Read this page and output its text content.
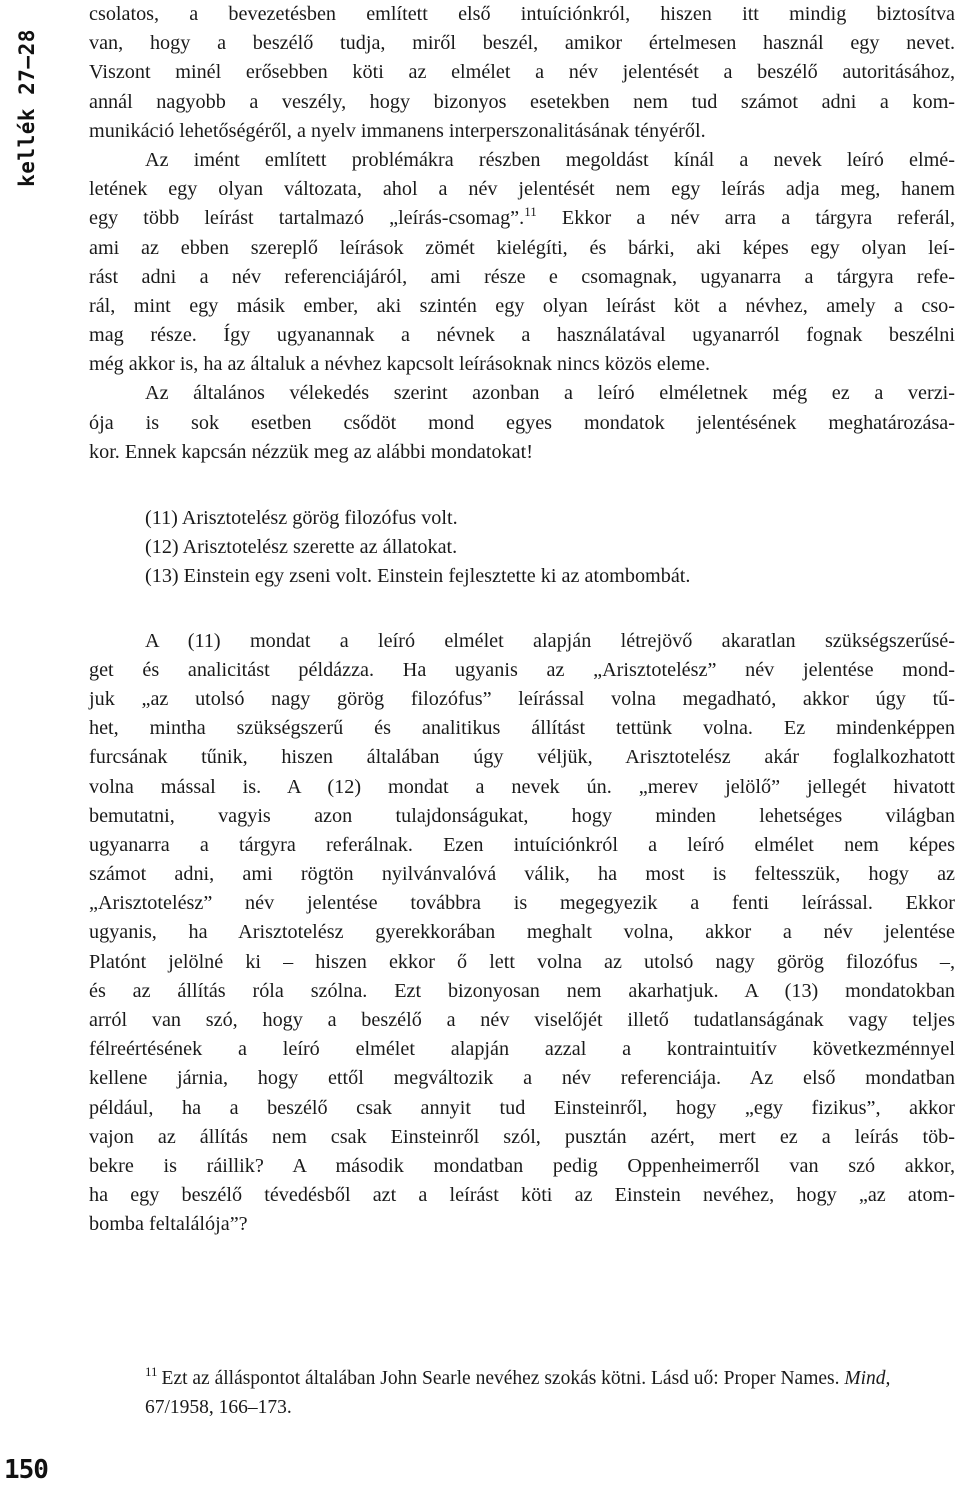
kellék 27–28
csolatos, a bevezetésben említett első intuíciónkról, hiszen itt mindig biztosítva
van, hogy a beszélő tudja, miről beszél, amikor értelmesen használ egy nevet.
Viszont minél erősebben köti az elmélet a név jelentését a beszélő autoritásához,
annál nagyobb a veszély, hogy bizonyos esetekben nem tud számot adni a kom-
munikáció lehetőségéről, a nyelv immanens interperszonalitásának tényéről.
Az imént említett problémákra részben megoldást kínál a nevek leíró elmé-
letének egy olyan változata, ahol a név jelentését nem egy leírás adja meg, hanem
egy több leírást tartalmazó „leírás-csomag”.$^{11}$ Ekkor a név arra a tárgyra referál,
ami az ebben szereplő leírások zömét kielégíti, és bárki, aki képes egy olyan leí-
rást adni a név referenciájáról, ami része e csomagnak, ugyanarra a tárgyra refe-
rál, mint egy másik ember, aki szintén egy olyan leírást köt a névhez, amely a cso-
mag része. Így ugyanannak a névnek a használatával ugyanarról fognak beszélni
még akkor is, ha az általuk a névhez kapcsolt leírásoknak nincs közös eleme.
Az általános vélekedés szerint azonban a leíró elméletnek még ez a verzi-
ója is sok esetben csődöt mond egyes mondatok jelentésének meghatározása-
kor. Ennek kapcsán nézzük meg az alábbi mondatokat!
(11) Arisztotelész görög filozófus volt.
(12) Arisztotelész szerette az állatokat.
(13) Einstein egy zseni volt. Einstein fejlesztette ki az atombombát.
A (11) mondat a leíró elmélet alapján létrejövő akaratlan szükségszerűsé-
get és analicitást példázza. Ha ugyanis az „Arisztotelész” név jelentése mond-
juk „az utolsó nagy görög filozófus” leírással volna megadható, akkor úgy tű-
het, mintha szükségszerű és analitikus állítást tettünk volna. Ez mindenképpen
furcsának tűnik, hiszen általában úgy véljük, Arisztotelész akár foglalkozhatott
volna mással is. A (12) mondat a nevek ún. „merev jelölő” jellegét hivatott
bemutatni, vagyis azon tulajdonságukat, hogy minden lehetséges világban
ugyanarra a tárgyra referálnak. Ezen intuíciónkról a leíró elmélet nem képes
számot adni, ami rögtön nyilvánvalóvá válik, ha most is feltesszük, hogy az
„Arisztotelész” név jelentése továbbra is megegyezik a fenti leírással. Ekkor
ugyanis, ha Arisztotelész gyerekkorában meghalt volna, akkor a név jelentése
Platónt jelölné ki – hiszen ekkor ő lett volna az utolsó nagy görög filozófus –,
és az állítás róla szólna. Ezt bizonyosan nem akarhatjuk. A (13) mondatokban
arról van szó, hogy a beszélő a név viselőjét illető tudatlanságának vagy teljes
félreértésének a leíró elmélet alapján azzal a kontraintuitív következménnyel
kellene járnia, hogy ettől megváltozik a név referenciája. Az első mondatban
például, ha a beszélő csak annyit tud Einsteinről, hogy „egy fizikus”, akkor
vajon az állítás nem csak Einsteinről szól, pusztán azért, mert ez a leírás töb-
bekre is ráillik? A második mondatban pedig Oppenheimerről van szó akkor,
ha egy beszélő tévedésből azt a leírást köti az Einstein nevéhez, hogy „az atom-
bomba feltalálója”?
$^{11}$ Ezt az álláspontot általában John Searle nevéhez szokás kötni. Lásd uő: Proper Names. Mind, 67/1958, 166–173.
150
